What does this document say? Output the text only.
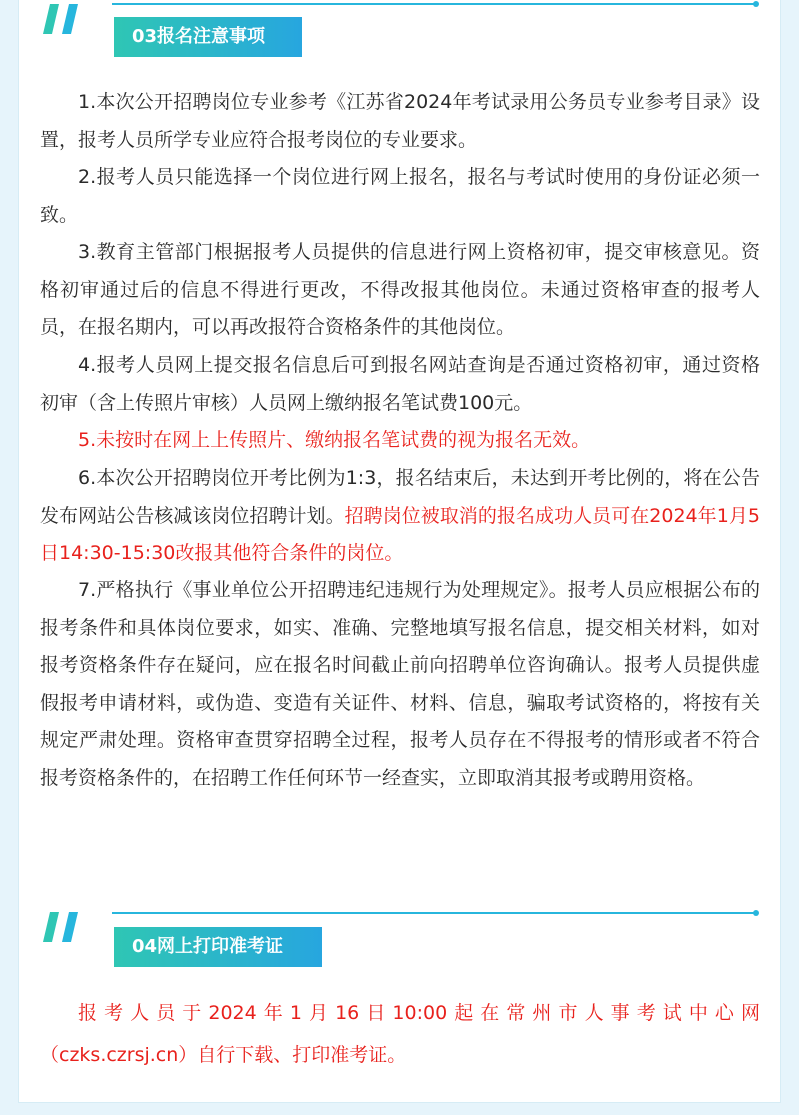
03报名注意事项

1.本次公开招聘岗位专业参考《江苏省2024年考试录用公务员专业参考目录》设置，报考人员所学专业应符合报考岗位的专业要求。

2.报考人员只能选择一个岗位进行网上报名，报名与考试时使用的身份证必须一致。

3.教育主管部门根据报考人员提供的信息进行网上资格初审，提交审核意见。资格初审通过后的信息不得进行更改，不得改报其他岗位。未通过资格审查的报考人员，在报名期内，可以再改报符合资格条件的其他岗位。

4.报考人员网上提交报名信息后可到报名网站查询是否通过资格初审，通过资格初审（含上传照片审核）人员网上缴纳报名笔试费100元。

5.未按时在网上上传照片、缴纳报名笔试费的视为报名无效。

6.本次公开招聘岗位开考比例为1:3，报名结束后，未达到开考比例的，将在公告发布网站公告核减该岗位招聘计划。招聘岗位被取消的报名成功人员可在2024年1月5日14:30-15:30改报其他符合条件的岗位。

7.严格执行《事业单位公开招聘违纪违规行为处理规定》。报考人员应根据公布的报考条件和具体岗位要求，如实、准确、完整地填写报名信息，提交相关材料，如对报考资格条件存在疑问，应在报名时间截止前向招聘单位咨询确认。报考人员提供虚假报考申请材料，或伪造、变造有关证件、材料、信息，骗取考试资格的，将按有关规定严肃处理。资格审查贯穿招聘全过程，报考人员存在不得报考的情形或者不符合报考资格条件的，在招聘工作任何环节一经查实，立即取消其报考或聘用资格。

04网上打印准考证

报考人员于2024年1月16日10:00起在常州市人事考试中心网
（czks.czrsj.cn）自行下载、打印准考证。
